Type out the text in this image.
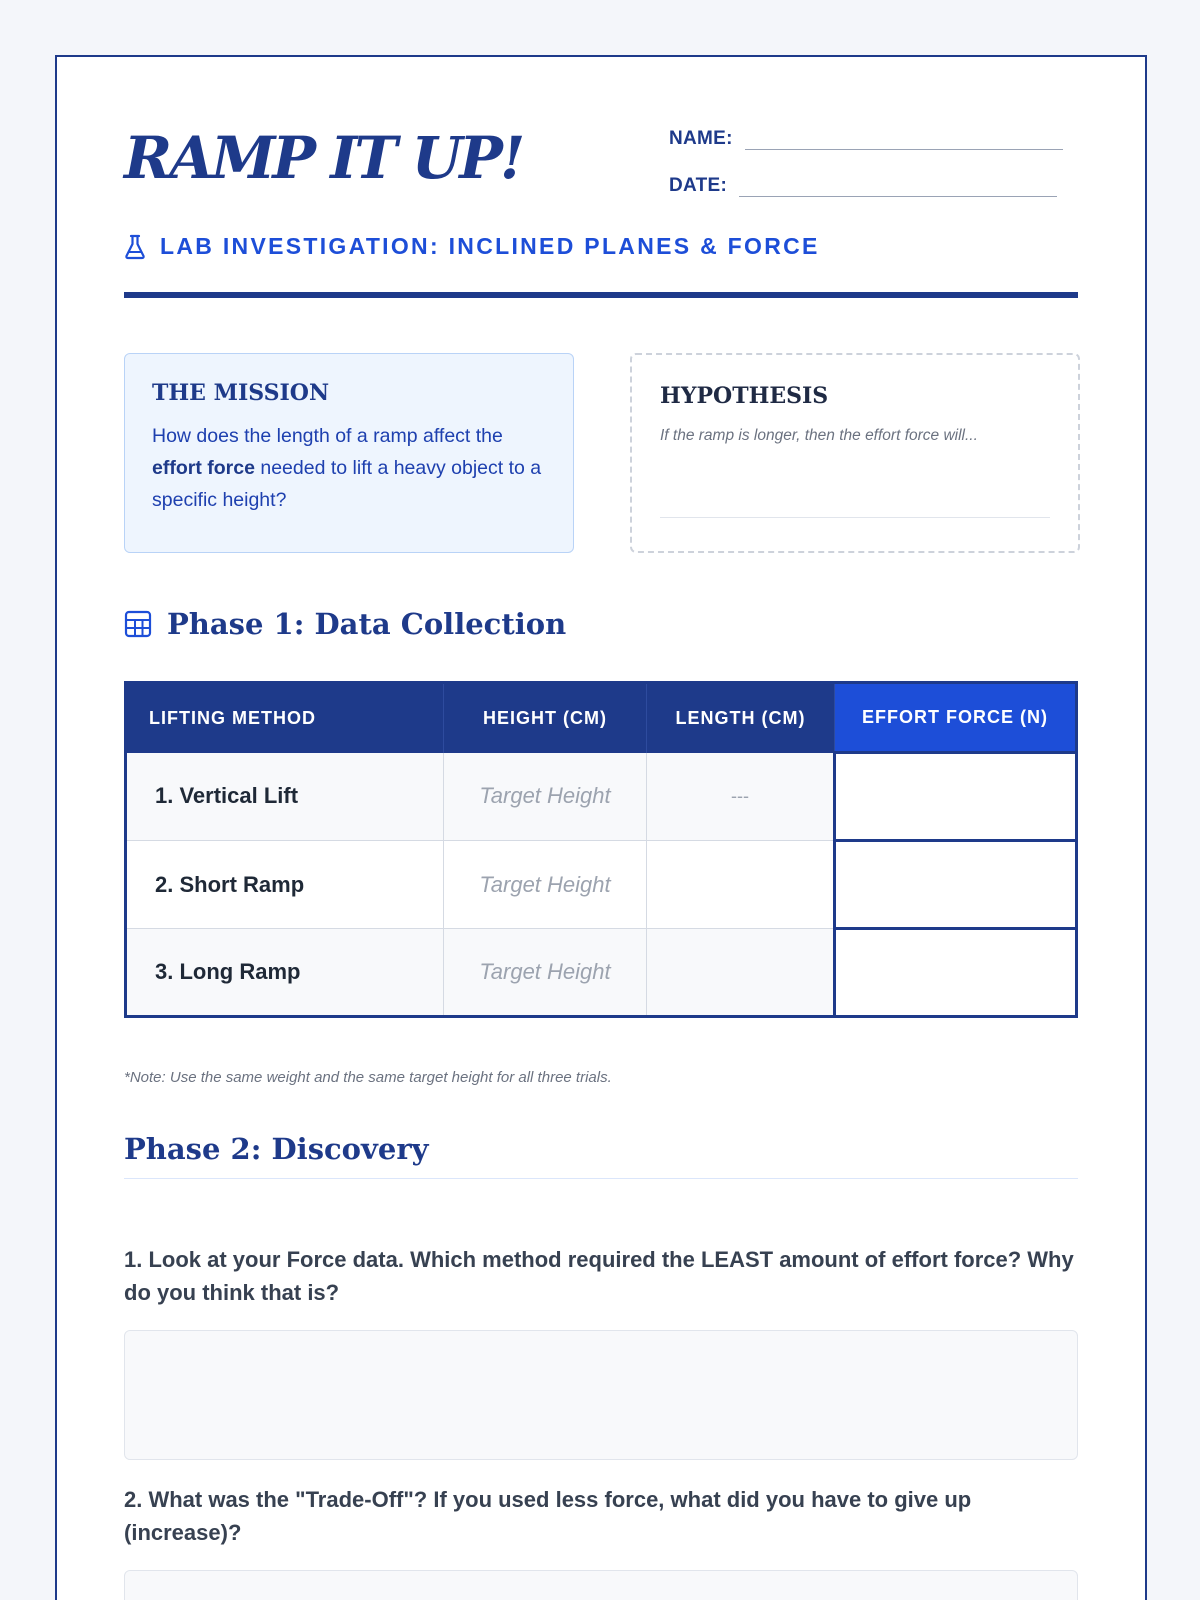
RAMP IT UP!	NAME:
DATE:
LAB INVESTIGATION: INCLINED PLANES & FORCE
THE MISSION

How does the length of a ramp affect the effort force needed to lift a heavy object to a specific height?

HYPOTHESIS
If the ramp is longer, then the effort force will...
Phase 1: Data Collection
LIFTING METHOD	HEIGHT (CM)	LENGTH (CM)	EFFORT FORCE (N)
1. Vertical Lift	Target Height	---	
2. Short Ramp	Target Height		
3. Long Ramp	Target Height		
*Note: Use the same weight and the same target height for all three trials.
Phase 2: Discovery
1. Look at your Force data. Which method required the LEAST amount of effort force? Why do you think that is?
2. What was the "Trade-Off"? If you used less force, what did you have to give up (increase)?
